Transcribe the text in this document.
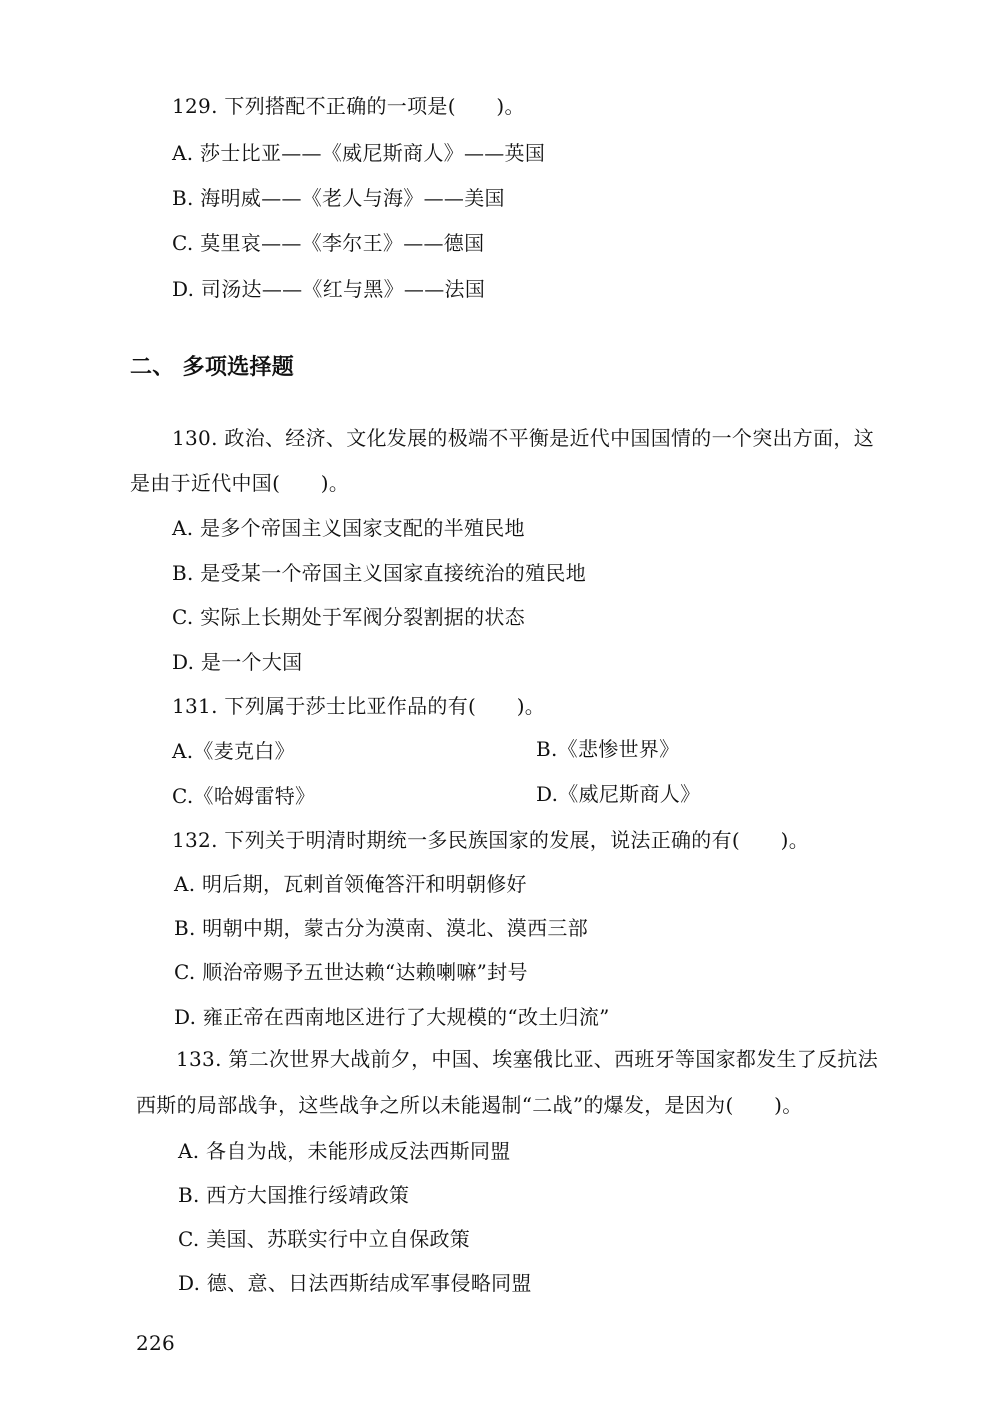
129. 下列搭配不正确的一项是(　　)。
A. 莎士比亚——《威尼斯商人》——英国
B. 海明威——《老人与海》——美国
C. 莫里哀——《李尔王》——德国
D. 司汤达——《红与黑》——法国
二、 多项选择题
130. 政治、经济、文化发展的极端不平衡是近代中国国情的一个突出方面，这
是由于近代中国(　　)。
A. 是多个帝国主义国家支配的半殖民地
B. 是受某一个帝国主义国家直接统治的殖民地
C. 实际上长期处于军阀分裂割据的状态
D. 是一个大国
131. 下列属于莎士比亚作品的有(　　)。
A.《麦克白》	B.《悲惨世界》
C.《哈姆雷特》	D.《威尼斯商人》
132. 下列关于明清时期统一多民族国家的发展，说法正确的有(　　)。
A. 明后期，瓦剌首领俺答汗和明朝修好
B. 明朝中期，蒙古分为漠南、漠北、漠西三部
C. 顺治帝赐予五世达赖“达赖喇嘛”封号
D. 雍正帝在西南地区进行了大规模的“改土归流”
133. 第二次世界大战前夕，中国、埃塞俄比亚、西班牙等国家都发生了反抗法
西斯的局部战争，这些战争之所以未能遏制“二战”的爆发，是因为(　　)。
A. 各自为战，未能形成反法西斯同盟
B. 西方大国推行绥靖政策
C. 美国、苏联实行中立自保政策
D. 德、意、日法西斯结成军事侵略同盟
226
